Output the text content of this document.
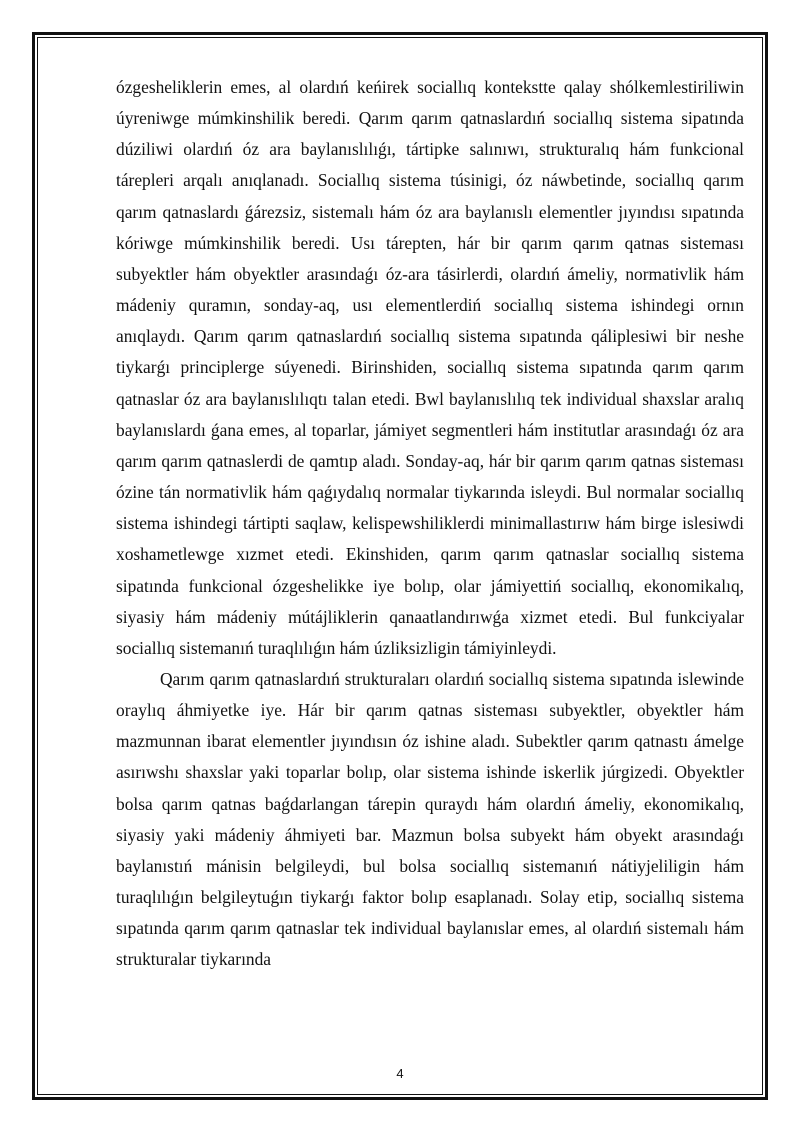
ózgesheliklerin emes, al olardıń keńirek sociallıq kontekstte qalay shólkemlestiriliwin úyreniwge múmkinshilik beredi. Qarım qarım qatnaslardıń sociallıq sistema sipatında dúziliwi olardıń óz ara baylanıslılıǵı, tártipke salınıwı, strukturalıq hám funkcional tárepleri arqalı anıqlanadı. Sociallıq sistema túsinigi, óz náwbetinde, sociallıq qarım qarım qatnaslardı ǵárezsiz, sistemalı hám óz ara baylanıslı elementler jıyındısı sıpatında kóriwge múmkinshilik beredi. Usı tárepten, hár bir qarım qarım qatnas sisteması subyektler hám obyektler arasındaǵı óz-ara tásirlerdi, olardıń ámeliy, normativlik hám mádeniy quramın, sonday-aq, usı elementlerdiń sociallıq sistema ishindegi ornın anıqlaydı. Qarım qarım qatnaslardıń sociallıq sistema sıpatında qáliplesiwi bir neshe tiykarǵı principlerge súyenedi. Birinshiden, sociallıq sistema sıpatında qarım qarım qatnaslar óz ara baylanıslılıqtı talan etedi. Bwl baylanıslılıq tek individual shaxslar aralıq baylanıslardı ǵana emes, al toparlar, jámiyet segmentleri hám institutlar arasındaǵı óz ara qarım qarım qatnaslerdi de qamtıp aladı. Sonday-aq, hár bir qarım qarım qatnas sisteması ózine tán normativlik hám qaǵıydalıq normalar tiykarında isleydi. Bul normalar sociallıq sistema ishindegi tártipti saqlaw, kelispewshiliklerdi minimallastırıw hám birge islesiwdi xoshametlewge xızmet etedi. Ekinshiden, qarım qarım qatnaslar sociallıq sistema sipatında funkcional ózgeshelikke iye bolıp, olar jámiyettiń sociallıq, ekonomikalıq, siyasiy hám mádeniy mútájliklerin qanaatlandırıwǵa xizmet etedi. Bul funkciyalar sociallıq sistemanıń turaqlılıǵın hám úzliksizligin támiyinleydi.

Qarım qarım qatnaslardıń strukturaları olardıń sociallıq sistema sıpatında islewinde oraylıq áhmiyetke iye. Hár bir qarım qatnas sisteması subyektler, obyektler hám mazmunnan ibarat elementler jıyındısın óz ishine aladı. Subektler qarım qatnastı ámelge asırıwshı shaxslar yaki toparlar bolıp, olar sistema ishinde iskerlik júrgizedi. Obyektler bolsa qarım qatnas baǵdarlangan tárepin quraydı hám olardıń ámeliy, ekonomikalıq, siyasiy yaki mádeniy áhmiyeti bar. Mazmun bolsa subyekt hám obyekt arasındaǵı baylanıstıń mánisin belgileydi, bul bolsa sociallıq sistemanıń nátiyjeliligin hám turaqlılıǵın belgileytuǵın tiykarǵı faktor bolıp esaplanadı. Solay etip, sociallıq sistema sıpatında qarım qarım qatnaslar tek individual baylanıslar emes, al olardıń sistemalı hám strukturalar tiykarında

4
